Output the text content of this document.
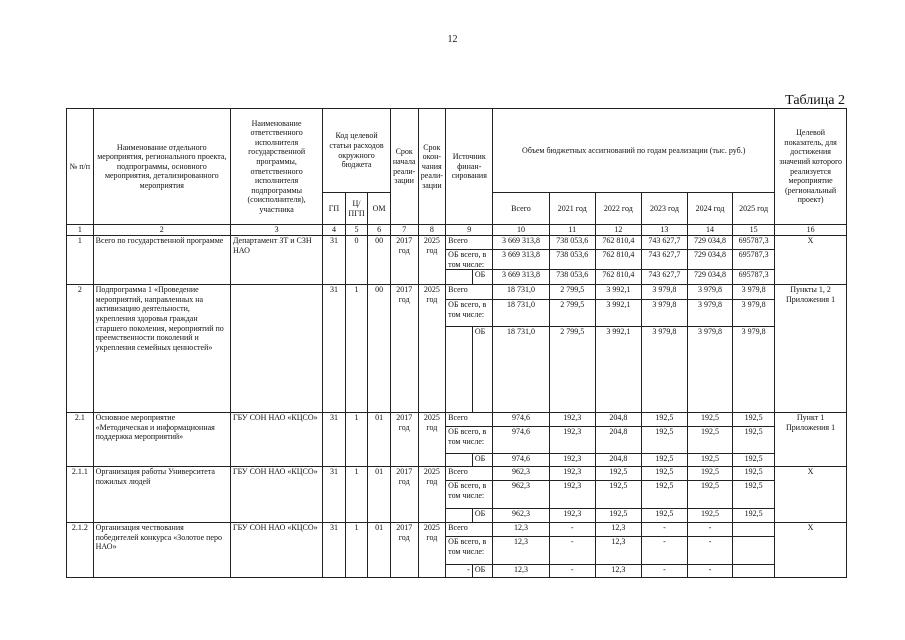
12
Таблица 2
№ п/п	Наименование отдельного мероприятия, регионального проекта, подпрограммы, основного мероприятия, детализированного мероприятия	Наименование ответственного исполнителя государственной программы, ответственного исполнителя подпрограммы (соисполнителя), участника	Код целевой статьи расходов окружного бюджета			Срок начала реали-зации	Срок окон-чания реали-зации	Источник финан-сирования		Объем бюджетных ассигнований по годам реализации (тыс. руб.)						Целевой показатель, для достижения значений которого реализуется мероприятие (региональный проект)
			ГП	Ц/ ПГП	ОМ					Всего	2021 год	2022 год	2023 год	2024 год	2025 год	
1	2	3	4	5	6	7	8	9		10	11	12	13	14	15	16
1	Всего по государственной программе	Департамент ЗТ и СЗН НАО	31	0	00	2017 год	2025 год	Всего		3 669 313,8	738 053,6	762 810,4	743 627,7	729 034,8	695787,3	Х
								ОБ всего, в том числе:		3 669 313,8	738 053,6	762 810,4	743 627,7	729 034,8	695787,3	
									ОБ	3 669 313,8	738 053,6	762 810,4	743 627,7	729 034,8	695787,3	
2	Подпрограмма 1 «Проведение мероприятий, направленных на активизацию деятельности, укрепления здоровья граждан старшего поколения, мероприятий по преемственности поколений и укрепления семейных ценностей»		31	1	00	2017 год	2025 год	Всего		18 731,0	2 799,5	3 992,1	3 979,8	3 979,8	3 979,8	Пункты 1, 2 Приложения 1
								ОБ всего, в том числе:		18 731,0	2 799,5	3 992,1	3 979,8	3 979,8	3 979,8	
									ОБ	18 731,0	2 799,5	3 992,1	3 979,8	3 979,8	3 979,8	
2.1	Основное мероприятие «Методическая и информационная поддержка мероприятий»	ГБУ СОН НАО «КЦСО»	31	1	01	2017 год	2025 год	Всего		974,6	192,3	204,8	192,5	192,5	192,5	Пункт 1 Приложения 1
								ОБ всего, в том числе:		974,6	192,3	204,8	192,5	192,5	192,5	
									ОБ	974,6	192,3	204,8	192,5	192,5	192,5	
2.1.1	Организация работы Университета пожилых людей	ГБУ СОН НАО «КЦСО»	31	1	01	2017 год	2025 год	Всего		962,3	192,3	192,5	192,5	192,5	192,5	Х
								ОБ всего, в том числе:		962,3	192,3	192,5	192,5	192,5	192,5	
									ОБ	962,3	192,3	192,5	192,5	192,5	192,5	
2.1.2	Организация чествования победителей конкурса «Золотое перо НАО»	ГБУ СОН НАО «КЦСО»	31	1	01	2017 год	2025 год	Всего		12,3	-	12,3	-	-		Х
								ОБ всего, в том числе:		12,3	-	12,3	-	-		
								-	ОБ	12,3	-	12,3	-	-		
